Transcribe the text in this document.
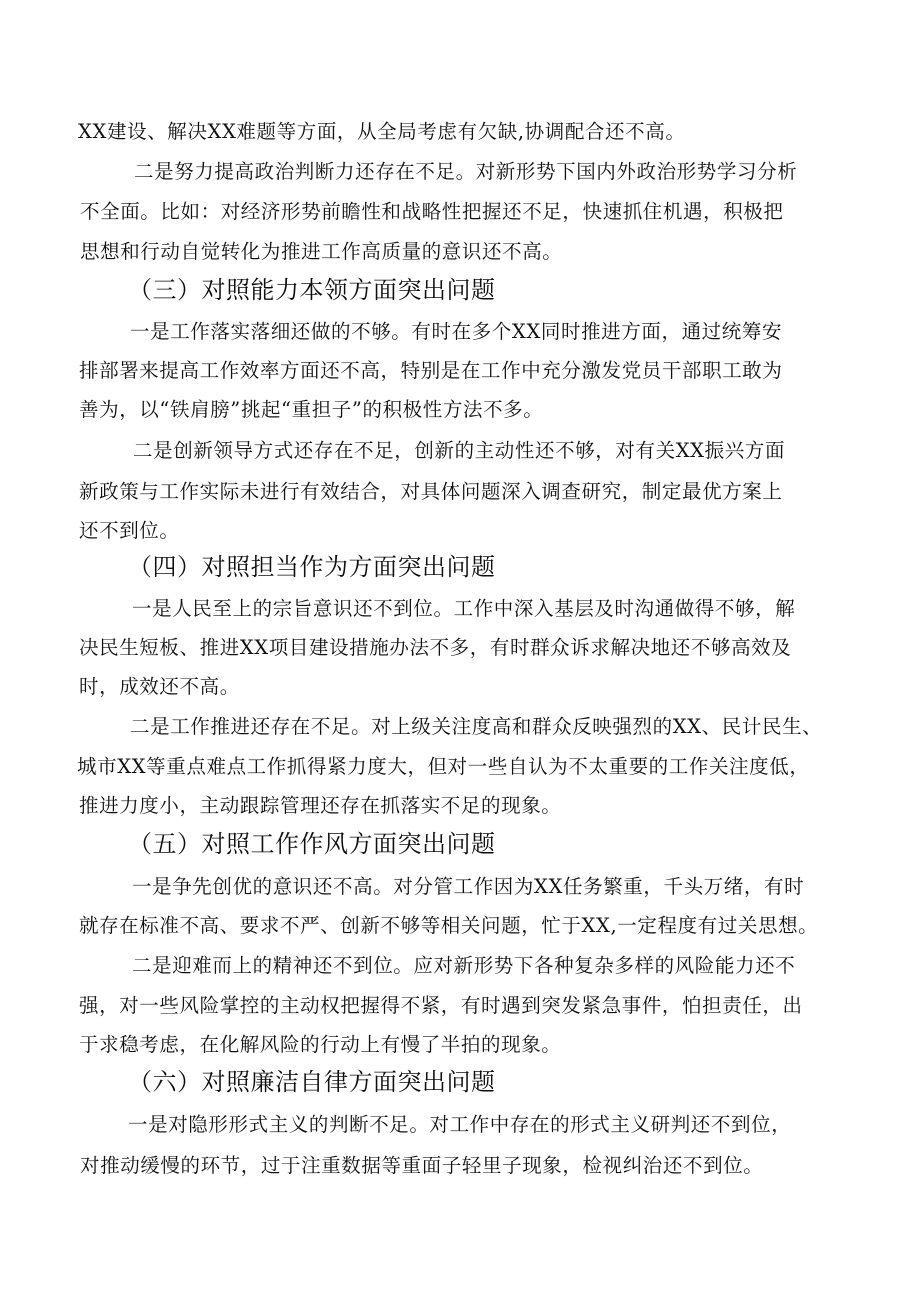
XX建设、解决XX难题等方面，从全局考虑有欠缺,协调配合还不高。
二是努力提高政治判断力还存在不足。对新形势下国内外政治形势学习分析
不全面。比如：对经济形势前瞻性和战略性把握还不足，快速抓住机遇，积极把
思想和行动自觉转化为推进工作高质量的意识还不高。
（三）对照能力本领方面突出问题
一是工作落实落细还做的不够。有时在多个XX同时推进方面，通过统筹安
排部署来提高工作效率方面还不高，特别是在工作中充分激发党员干部职工敢为
善为，以“铁肩膀”挑起“重担子”的积极性方法不多。
二是创新领导方式还存在不足，创新的主动性还不够，对有关XX振兴方面
新政策与工作实际未进行有效结合，对具体问题深入调查研究，制定最优方案上
还不到位。
（四）对照担当作为方面突出问题
一是人民至上的宗旨意识还不到位。工作中深入基层及时沟通做得不够，解
决民生短板、推进XX项目建设措施办法不多，有时群众诉求解决地还不够高效及
时，成效还不高。
二是工作推进还存在不足。对上级关注度高和群众反映强烈的XX、民计民生、
城市XX等重点难点工作抓得紧力度大，但对一些自认为不太重要的工作关注度低，
推进力度小，主动跟踪管理还存在抓落实不足的现象。
（五）对照工作作风方面突出问题
一是争先创优的意识还不高。对分管工作因为XX任务繁重，千头万绪，有时
就存在标准不高、要求不严、创新不够等相关问题，忙于XX,一定程度有过关思想。
二是迎难而上的精神还不到位。应对新形势下各种复杂多样的风险能力还不
强，对一些风险掌控的主动权把握得不紧，有时遇到突发紧急事件，怕担责任，出
于求稳考虑，在化解风险的行动上有慢了半拍的现象。
（六）对照廉洁自律方面突出问题
一是对隐形形式主义的判断不足。对工作中存在的形式主义研判还不到位，
对推动缓慢的环节，过于注重数据等重面子轻里子现象，检视纠治还不到位。
